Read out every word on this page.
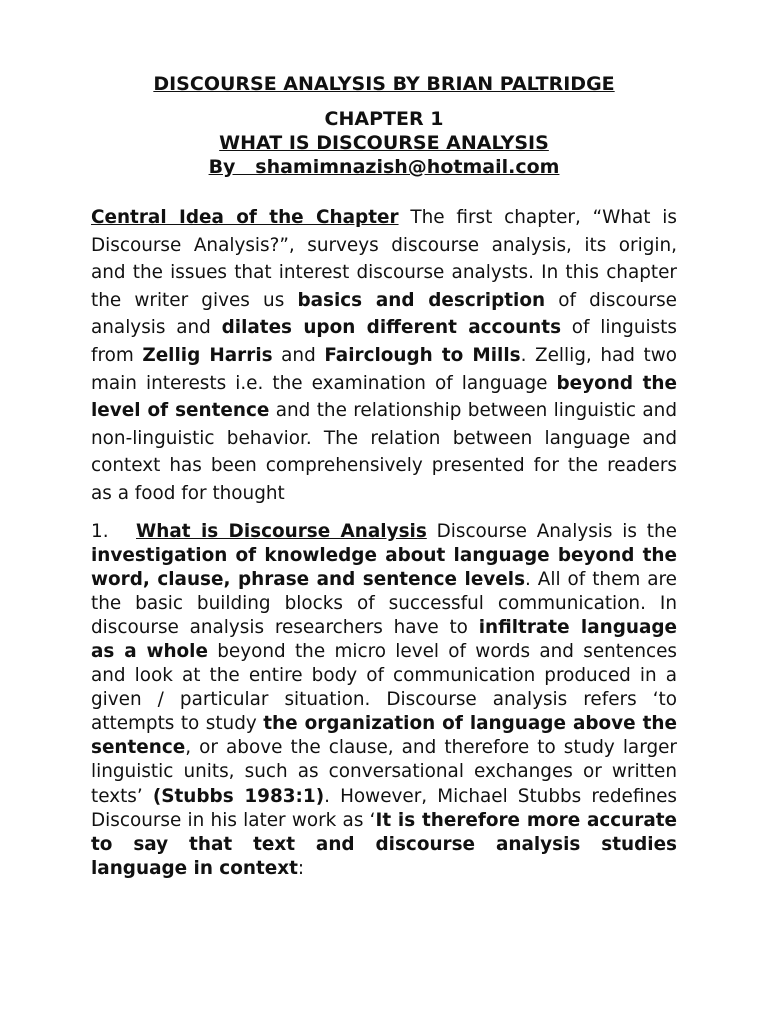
DISCOURSE ANALYSIS BY BRIAN PALTRIDGE

CHAPTER 1

WHAT IS DISCOURSE ANALYSIS

By   shamimnazish@hotmail.com

Central Idea of the Chapter The first chapter, “What is Discourse Analysis?”, surveys discourse analysis, its origin, and the issues that interest discourse analysts. In this chapter the writer gives us basics and description of discourse analysis and dilates upon different accounts of linguists from Zellig Harris and Fairclough to Mills. Zellig, had two main interests i.e. the examination of language beyond the level of sentence and the relationship between linguistic and non-linguistic behavior. The relation between language and context has been comprehensively presented for the readers as a food for thought

1. What is Discourse Analysis Discourse Analysis is the investigation of knowledge about language beyond the word, clause, phrase and sentence levels. All of them are the basic building blocks of successful communication. In discourse analysis researchers have to infiltrate language as a whole beyond the micro level of words and sentences and look at the entire body of communication produced in a given / particular situation. Discourse analysis refers ‘to attempts to study the organization of language above the sentence, or above the clause, and therefore to study larger linguistic units, such as conversational exchanges or written texts’ (Stubbs 1983:1). However, Michael Stubbs redefines Discourse in his later work as ‘It is therefore more accurate to say that text and discourse analysis studies language in context:
